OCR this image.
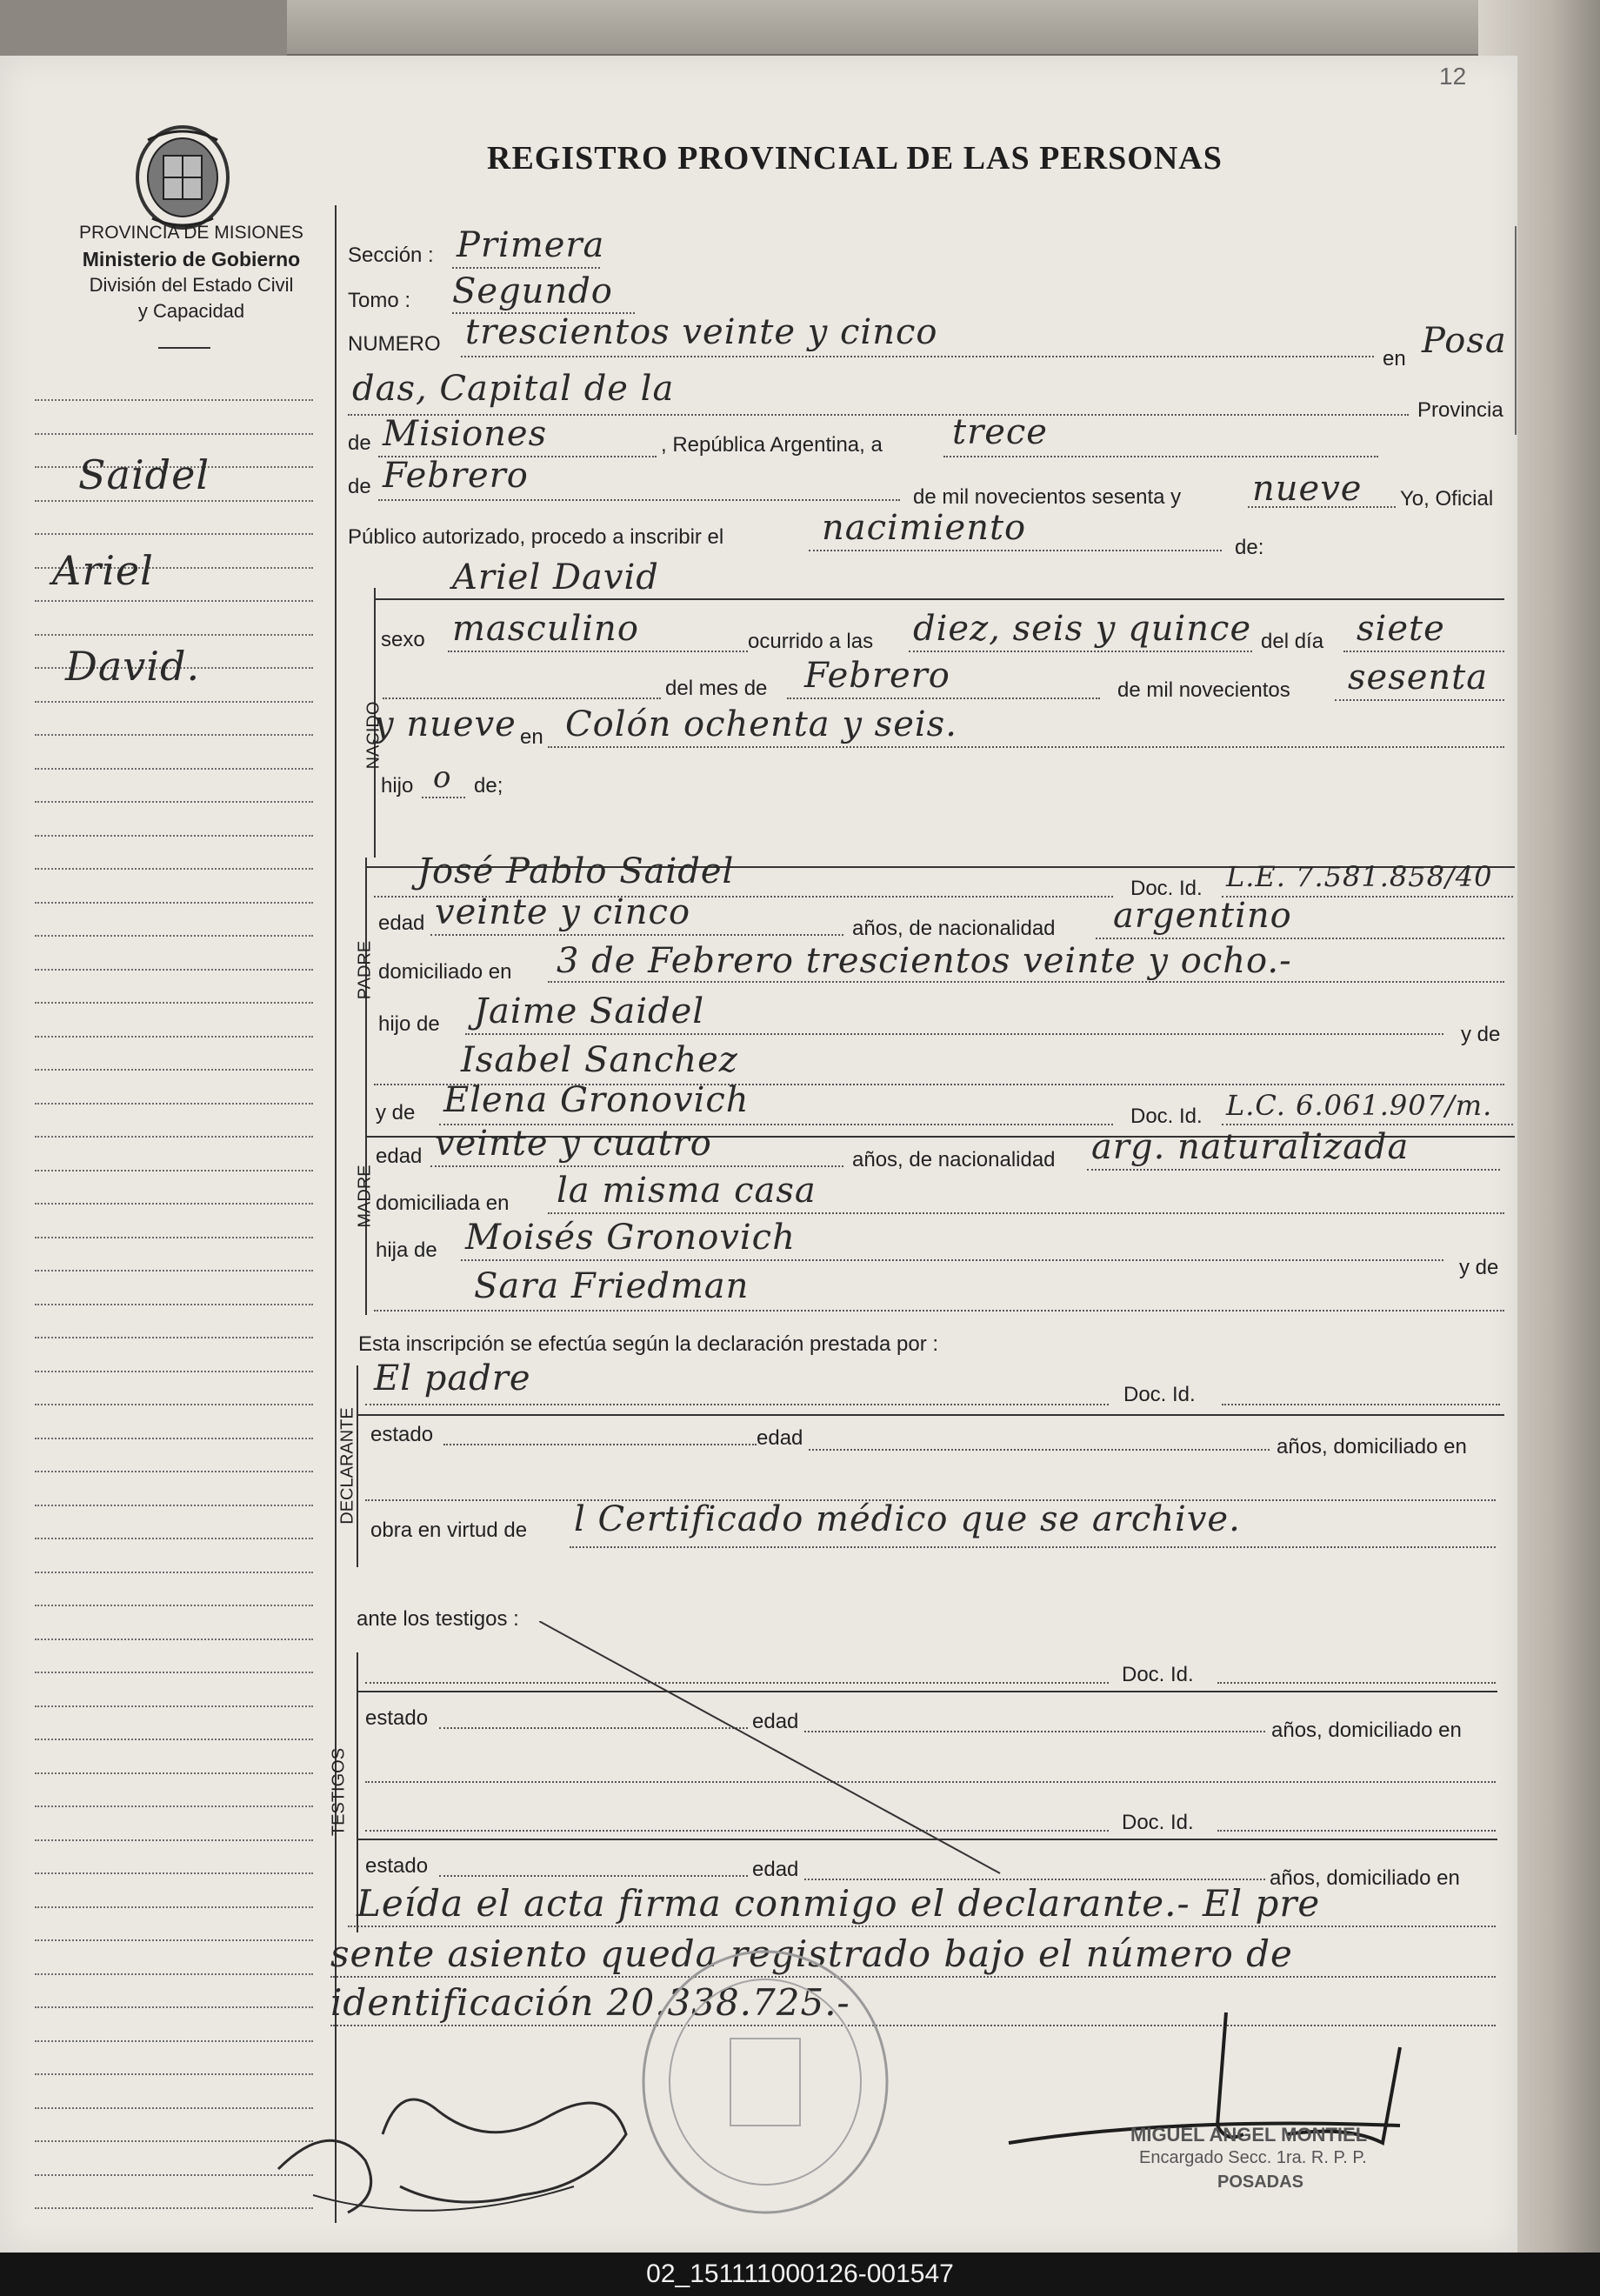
12
PROVINCIA DE MISIONES
Ministerio de Gobierno
División del Estado Civil
y Capacidad
REGISTRO PROVINCIAL DE LAS PERSONAS
Saidel
Ariel
David.
Sección : Primera
Tomo : Segundo
NUMERO trescientos veinte y cinco
en Posa
das, Capital de la
Provincia
de Misiones	, República Argentina, a trece
de Febrero
de mil novecientos sesenta y nueve Yo, Oficial
Público autorizado, procedo a inscribir el	nacimiento	de:
NACIDO
Ariel David
sexo masculino	ocurrido a las diez, seis y quince del día siete
del mes de Febrero	de mil novecientos sesenta
y nueve en Colón ochenta y seis.
hijo o de;
PADRE
José Pablo Saidel	Doc. Id. L.E. 7.581.858/40
edad veinte y cinco	años, de nacionalidad argentino
domiciliado en 3 de Febrero trescientos veinte y ocho.-
hijo de Jaime Saidel
y de
Isabel Sanchez
MADRE
y de Elena Gronovich	Doc. Id. L.C. 6.061.907/m.
edad veinte y cuatro	años, de nacionalidad arg. naturalizada
domiciliada en la misma casa
hija de Moisés Gronovich
y de
Sara Friedman
Esta inscripción se efectúa según la declaración prestada por :
DECLARANTE
El padre	Doc. Id.
estado	edad	años, domiciliado en
obra en virtud de l Certificado médico que se archive.
ante los testigos :
TESTIGOS
Doc. Id.
estado	edad	años, domiciliado en
Doc. Id.
estado	edad	años, domiciliado en
Leída el acta firma conmigo el declarante.- El pre
sente asiento queda registrado bajo el número de
identificación 20.338.725.-
MIGUEL ANGEL MONTIEL
Encargado Secc. 1ra. R. P. P.
POSADAS
02_151111000126-001547
